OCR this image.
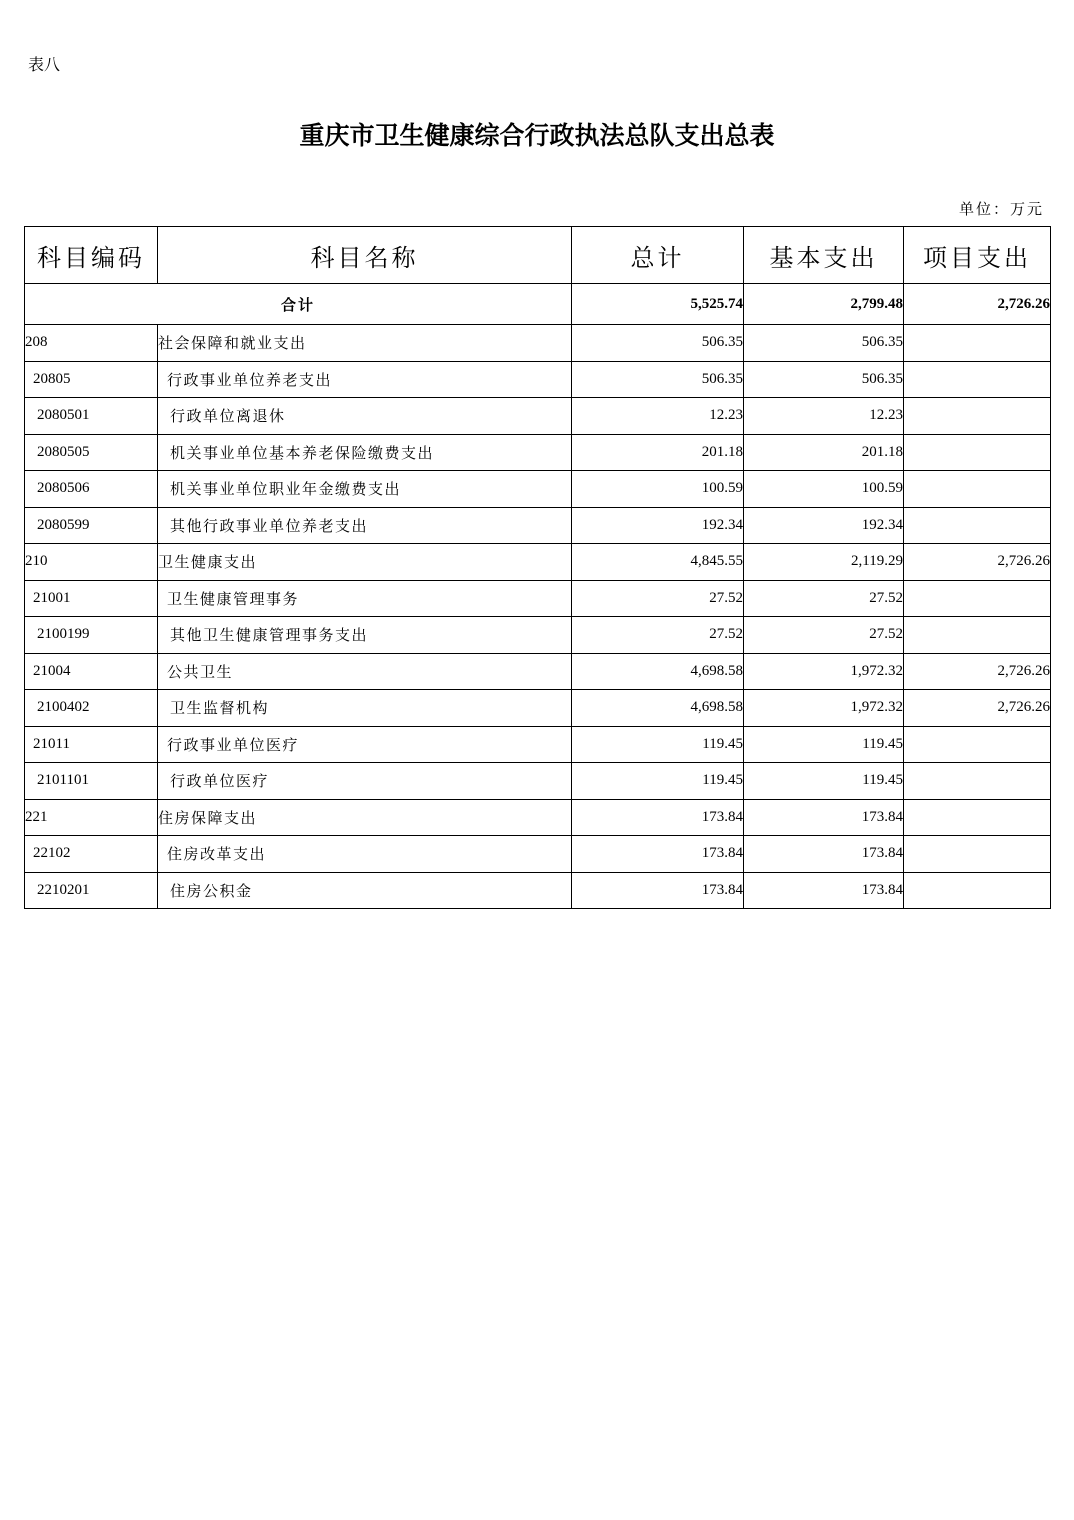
表八
重庆市卫生健康综合行政执法总队支出总表
单位：万元
科目编码	科目名称	总计	基本支出	项目支出
合计		5,525.74	2,799.48	2,726.26
208	社会保障和就业支出	506.35	506.35	
20805	行政事业单位养老支出	506.35	506.35	
2080501	行政单位离退休	12.23	12.23	
2080505	机关事业单位基本养老保险缴费支出	201.18	201.18	
2080506	机关事业单位职业年金缴费支出	100.59	100.59	
2080599	其他行政事业单位养老支出	192.34	192.34	
210	卫生健康支出	4,845.55	2,119.29	2,726.26
21001	卫生健康管理事务	27.52	27.52	
2100199	其他卫生健康管理事务支出	27.52	27.52	
21004	公共卫生	4,698.58	1,972.32	2,726.26
2100402	卫生监督机构	4,698.58	1,972.32	2,726.26
21011	行政事业单位医疗	119.45	119.45	
2101101	行政单位医疗	119.45	119.45	
221	住房保障支出	173.84	173.84	
22102	住房改革支出	173.84	173.84	
2210201	住房公积金	173.84	173.84	
